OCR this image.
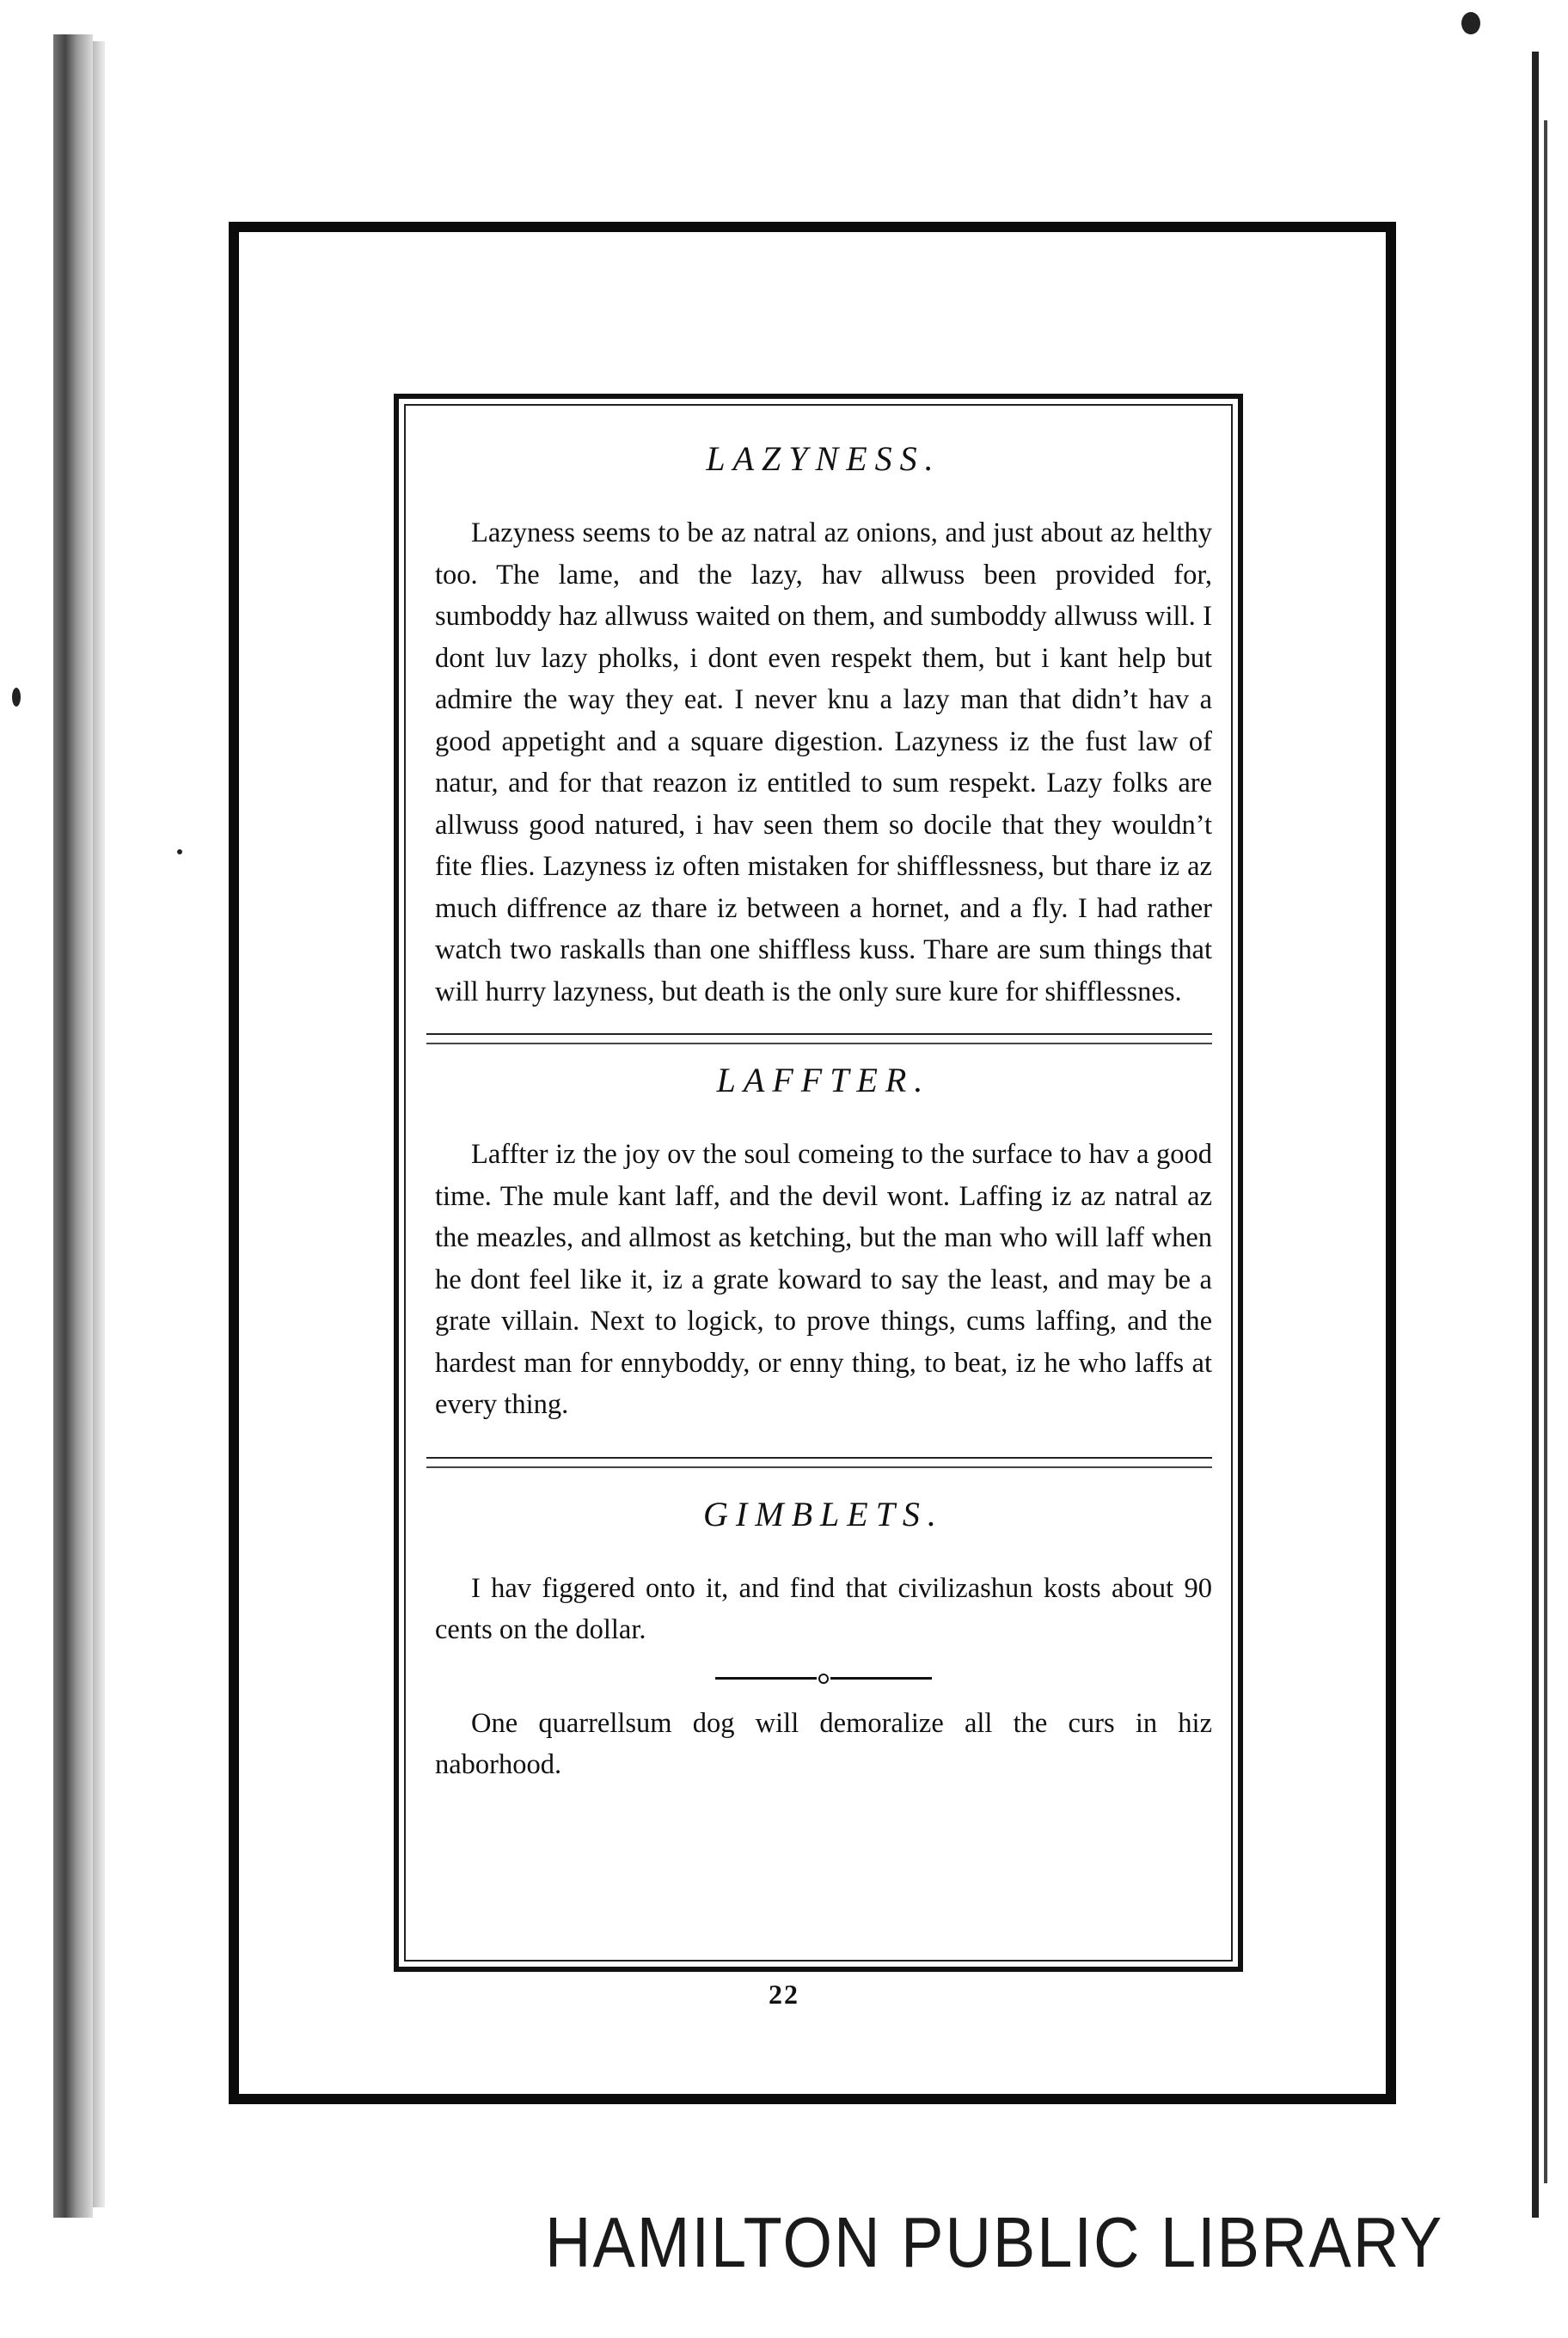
LAZYNESS.

Lazyness seems to be az natral az onions, and just about az helthy too. The lame, and the lazy, hav allwuss been provided for, sumboddy haz allwuss waited on them, and sumboddy allwuss will. I dont luv lazy pholks, i dont even respekt them, but i kant help but admire the way they eat. I never knu a lazy man that didn’t hav a good appetight and a square digestion. Lazyness iz the fust law of natur, and for that reazon iz entitled to sum respekt. Lazy folks are allwuss good natured, i hav seen them so docile that they wouldn’t fite flies. Lazyness iz often mistaken for shifflessness, but thare iz az much diffrence az thare iz between a hornet, and a fly. I had rather watch two raskalls than one shiffless kuss. Thare are sum things that will hurry lazyness, but death is the only sure kure for shifflessnes.

LAFFTER.

Laffter iz the joy ov the soul comeing to the surface to hav a good time. The mule kant laff, and the devil wont. Laffing iz az natral az the meazles, and allmost as ketching, but the man who will laff when he dont feel like it, iz a grate koward to say the least, and may be a grate villain. Next to logick, to prove things, cums laffing, and the hardest man for ennyboddy, or enny thing, to beat, iz he who laffs at every thing.

GIMBLETS.

I hav figgered onto it, and find that civilizashun kosts about 90 cents on the dollar.

One quarrellsum dog will demoralize all the curs in hiz naborhood.

22
HAMILTON PUBLIC LIBRARY
